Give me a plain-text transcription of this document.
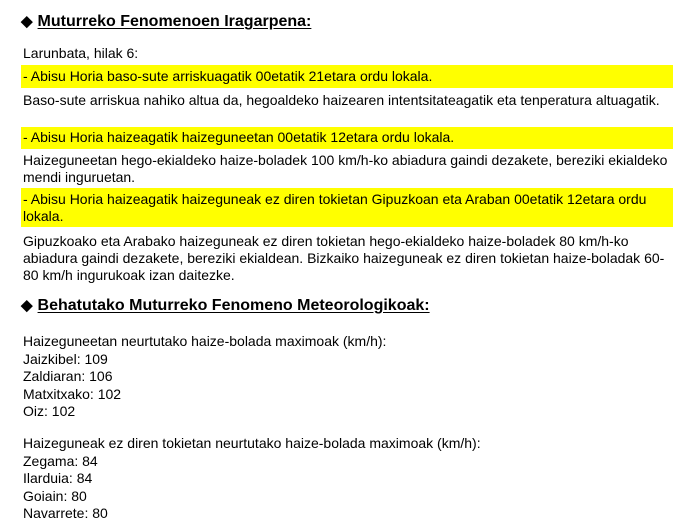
◆ Muturreko Fenomenoen Iragarpena:
Larunbata, hilak 6:
- Abisu Horia baso-sute arriskuagatik 00etatik 21etara ordu lokala.
Baso-sute arriskua nahiko altua da, hegoaldeko haizearen intentsitateagatik eta tenperatura altuagatik.
- Abisu Horia haizeagatik haizeguneetan 00etatik 12etara ordu lokala.
Haizeguneetan hego-ekialdeko haize-boladek 100 km/h-ko abiadura gaindi dezakete, bereziki ekialdeko mendi inguruetan.
- Abisu Horia haizeagatik haizeguneak ez diren tokietan Gipuzkoan eta Araban 00etatik 12etara ordu lokala.
Gipuzkoako eta Arabako haizeguneak ez diren tokietan hego-ekialdeko haize-boladek 80 km/h-ko abiadura gaindi dezakete, bereziki ekialdean. Bizkaiko haizeguneak ez diren tokietan haize-boladak 60-80 km/h ingurukoak izan daitezke.
◆ Behatutako Muturreko Fenomeno Meteorologikoak:
Haizeguneetan neurtutako haize-bolada maximoak (km/h):
Jaizkibel: 109
Zaldiaran: 106
Matxitxako: 102
Oiz: 102
Haizeguneak ez diren tokietan neurtutako haize-bolada maximoak (km/h):
Zegama: 84
Ilarduia: 84
Goiain: 80
Navarrete: 80
